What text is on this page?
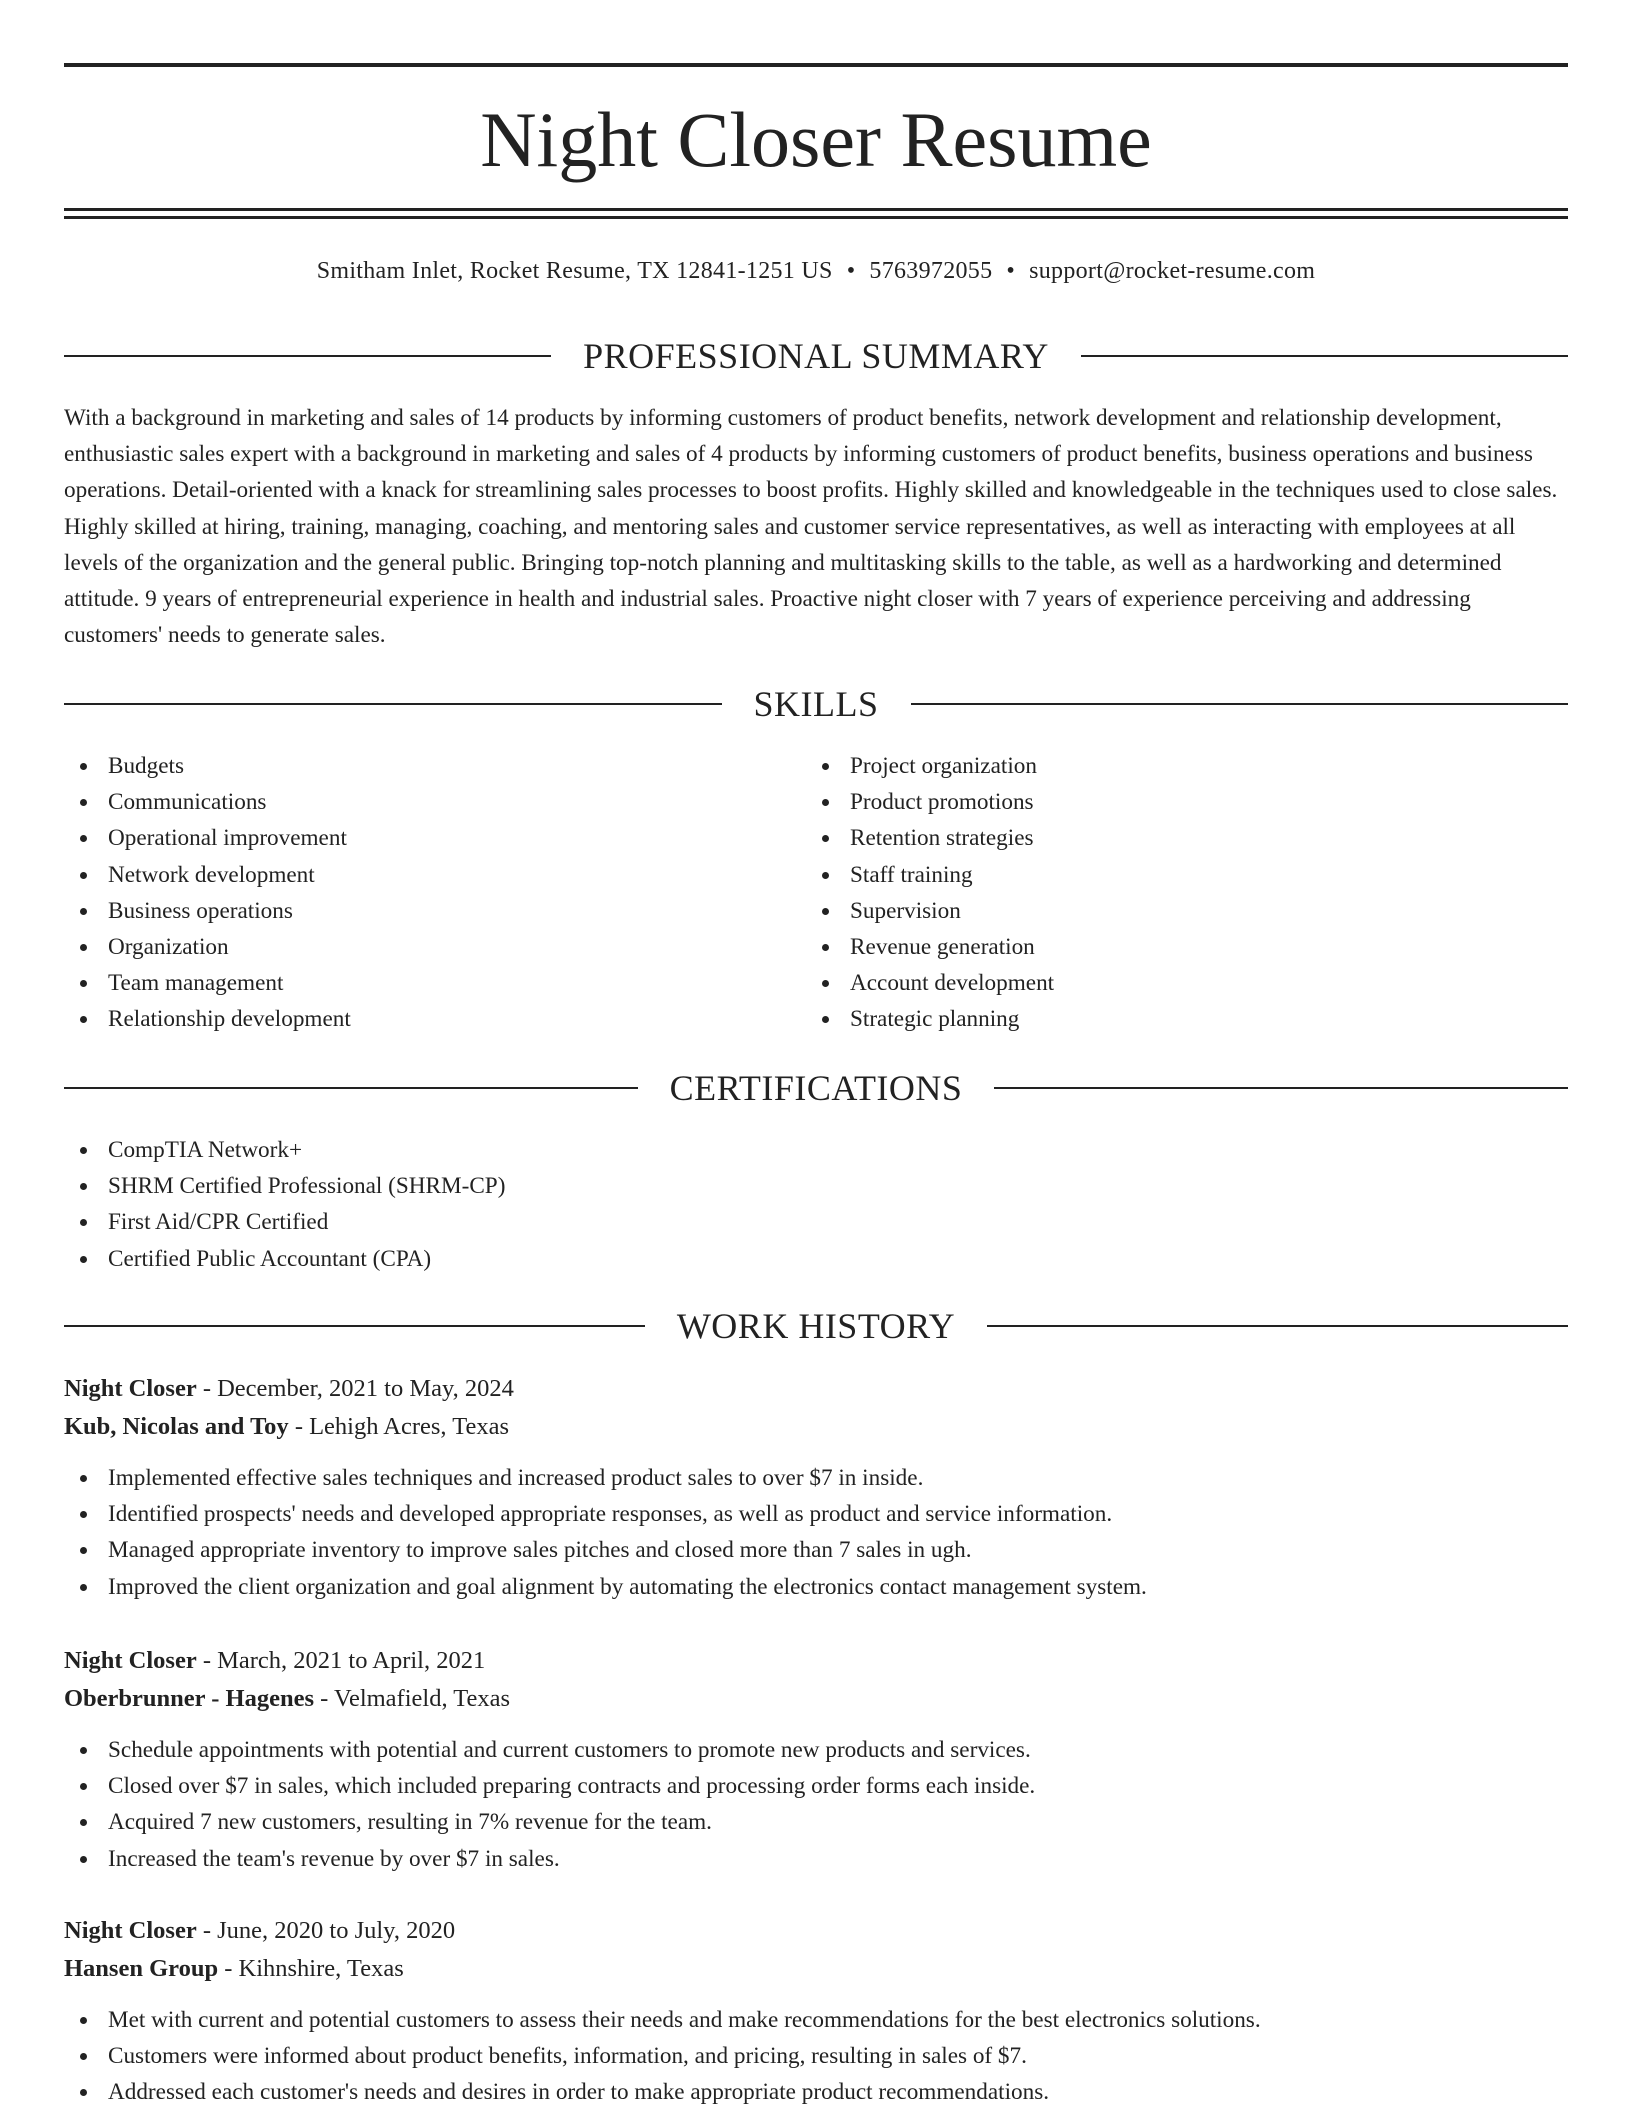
Night Closer Resume
Smitham Inlet, Rocket Resume, TX 12841-1251 US • 5763972055 • support@rocket-resume.com
PROFESSIONAL SUMMARY

With a background in marketing and sales of 14 products by informing customers of product benefits, network development and relationship development, enthusiastic sales expert with a background in marketing and sales of 4 products by informing customers of product benefits, business operations and business operations. Detail-oriented with a knack for streamlining sales processes to boost profits. Highly skilled and knowledgeable in the techniques used to close sales. Highly skilled at hiring, training, managing, coaching, and mentoring sales and customer service representatives, as well as interacting with employees at all levels of the organization and the general public. Bringing top-notch planning and multitasking skills to the table, as well as a hardworking and determined attitude. 9 years of entrepreneurial experience in health and industrial sales. Proactive night closer with 7 years of experience perceiving and addressing customers' needs to generate sales.

SKILLS
Budgets
Communications
Operational improvement
Network development
Business operations
Organization
Team management
Relationship development
Project organization
Product promotions
Retention strategies
Staff training
Supervision
Revenue generation
Account development
Strategic planning
CERTIFICATIONS
CompTIA Network+
SHRM Certified Professional (SHRM-CP)
First Aid/CPR Certified
Certified Public Accountant (CPA)
WORK HISTORY
Night Closer - December, 2021 to May, 2024
Kub, Nicolas and Toy - Lehigh Acres, Texas
Implemented effective sales techniques and increased product sales to over $7 in inside.
Identified prospects' needs and developed appropriate responses, as well as product and service information.
Managed appropriate inventory to improve sales pitches and closed more than 7 sales in ugh.
Improved the client organization and goal alignment by automating the electronics contact management system.
Night Closer - March, 2021 to April, 2021
Oberbrunner - Hagenes - Velmafield, Texas
Schedule appointments with potential and current customers to promote new products and services.
Closed over $7 in sales, which included preparing contracts and processing order forms each inside.
Acquired 7 new customers, resulting in 7% revenue for the team.
Increased the team's revenue by over $7 in sales.
Night Closer - June, 2020 to July, 2020
Hansen Group - Kihnshire, Texas
Met with current and potential customers to assess their needs and make recommendations for the best electronics solutions.
Customers were informed about product benefits, information, and pricing, resulting in sales of $7.
Addressed each customer's needs and desires in order to make appropriate product recommendations.
